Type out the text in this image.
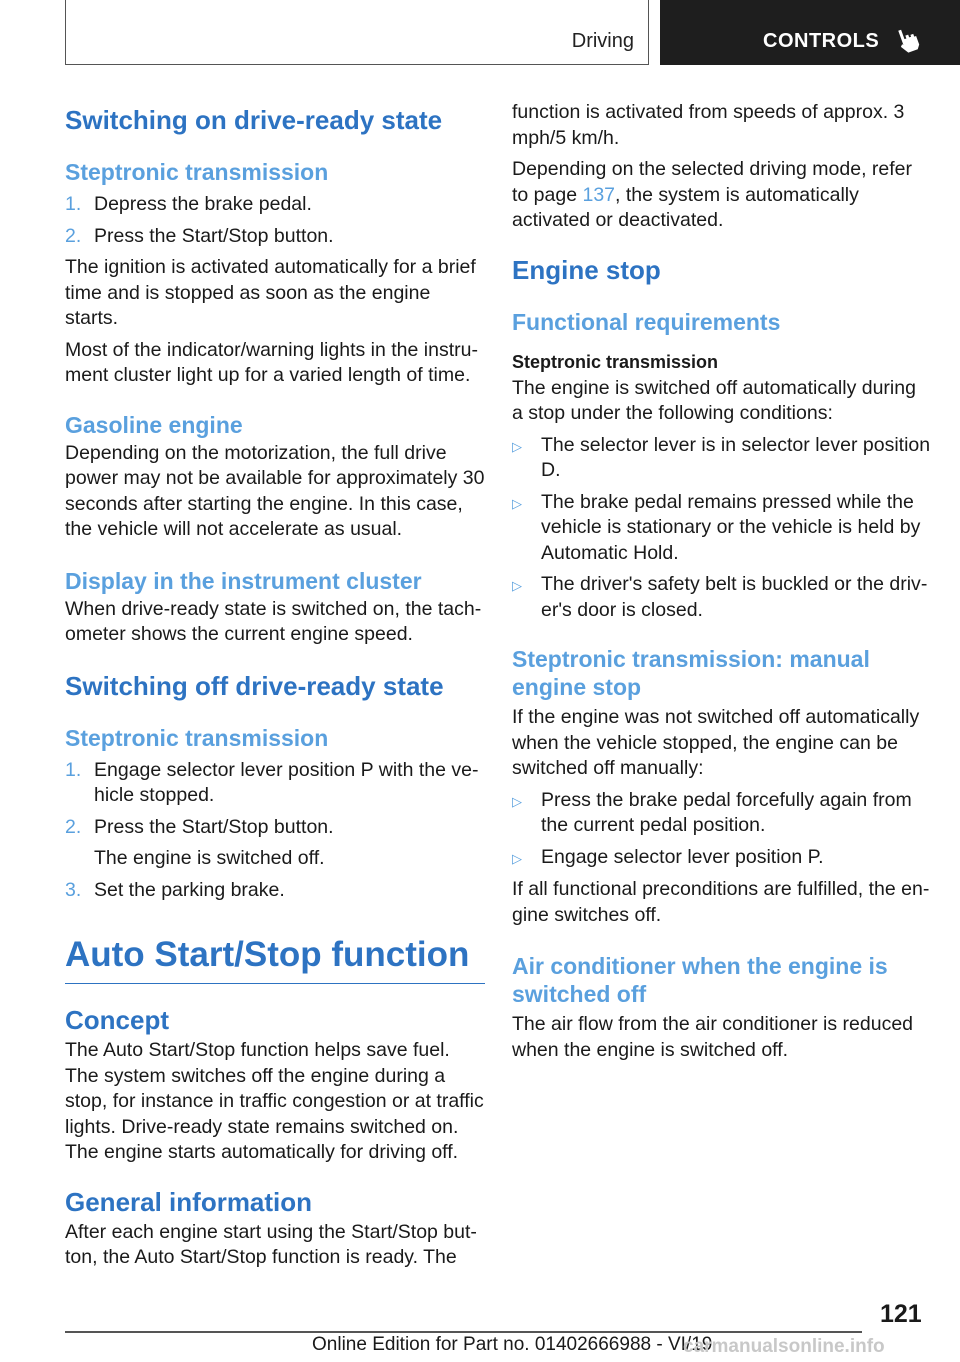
Driving	CONTROLS
Switching on drive-ready state
Steptronic transmission
1. Depress the brake pedal.
2. Press the Start/Stop button.

The ignition is activated automatically for a brief time and is stopped as soon as the engine starts.

Most of the indicator/warning lights in the instrument cluster light up for a varied length of time.

Gasoline engine

Depending on the motorization, the full drive power may not be available for approximately 30 seconds after starting the engine. In this case, the vehicle will not accelerate as usual.

Display in the instrument cluster

When drive-ready state is switched on, the tachometer shows the current engine speed.

Switching off drive-ready state
Steptronic transmission
1. Engage selector lever position P with the vehicle stopped.
2. Press the Start/Stop button.
The engine is switched off.
3. Set the parking brake.
Auto Start/Stop function
Concept

The Auto Start/Stop function helps save fuel. The system switches off the engine during a stop, for instance in traffic congestion or at traffic lights. Drive-ready state remains switched on. The engine starts automatically for driving off.

General information

After each engine start using the Start/Stop button, the Auto Start/Stop function is ready. The

function is activated from speeds of approx. 3 mph/5 km/h.

Depending on the selected driving mode, refer to page 137, the system is automatically activated or deactivated.

Engine stop
Functional requirements
Steptronic transmission

The engine is switched off automatically during a stop under the following conditions:

▷ The selector lever is in selector lever position D.
▷ The brake pedal remains pressed while the vehicle is stationary or the vehicle is held by Automatic Hold.
▷ The driver's safety belt is buckled or the driver's door is closed.
Steptronic transmission: manual engine stop

If the engine was not switched off automatically when the vehicle stopped, the engine can be switched off manually:

▷ Press the brake pedal forcefully again from the current pedal position.
▷ Engage selector lever position P.

If all functional preconditions are fulfilled, the engine switches off.

Air conditioner when the engine is switched off

The air flow from the air conditioner is reduced when the engine is switched off.

121
Online Edition for Part no. 01402666988 - VI/19
carmanualsonline.info
